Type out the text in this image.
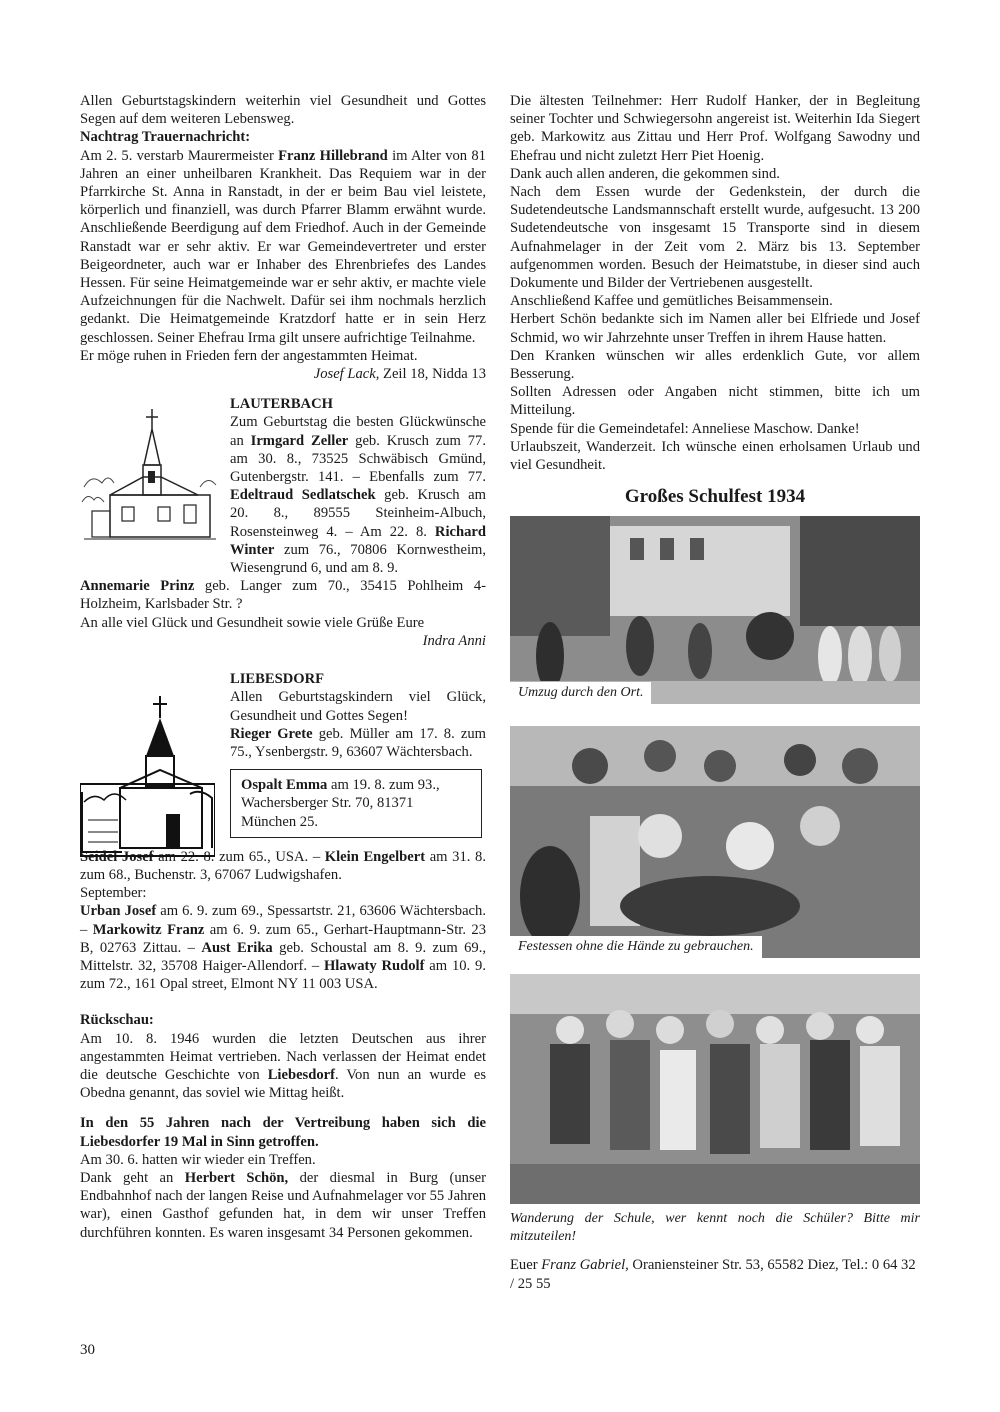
Allen Geburtstagskindern weiterhin viel Gesundheit und Gottes Segen auf dem weiteren Lebensweg.

Nachtrag Trauernachricht:

Am 2. 5. verstarb Maurermeister Franz Hillebrand im Alter von 81 Jahren an einer unheilbaren Krankheit. Das Requiem war in der Pfarrkirche St. Anna in Ranstadt, in der er beim Bau viel leistete, körperlich und finanziell, was durch Pfarrer Blamm erwähnt wurde. Anschließende Beerdigung auf dem Friedhof. Auch in der Gemeinde Ranstadt war er sehr aktiv. Er war Gemeindevertreter und erster Beigeordneter, auch war er Inhaber des Ehrenbriefes des Landes Hessen. Für seine Heimatgemeinde war er sehr aktiv, er machte viele Aufzeichnungen für die Nachwelt. Dafür sei ihm nochmals herzlich gedankt. Die Heimatgemeinde Kratzdorf hatte er in sein Herz geschlossen. Seiner Ehefrau Irma gilt unsere aufrichtige Teilnahme.

Er möge ruhen in Frieden fern der angestammten Heimat.

Josef Lack, Zeil 18, Nidda 13

LAUTERBACH

Zum Geburtstag die besten Glückwünsche an Irmgard Zeller geb. Krusch zum 77. am 30. 8., 73525 Schwäbisch Gmünd, Gutenbergstr. 141. – Ebenfalls zum 77. Edeltraud Sedlatschek geb. Krusch am 20. 8., 89555 Steinheim-Albuch, Rosensteinweg 4. – Am 22. 8. Richard Winter zum 76., 70806 Kornwestheim, Wiesengrund 6, und am 8. 9.

Annemarie Prinz geb. Langer zum 70., 35415 Pohlheim 4-Holzheim, Karlsbader Str. ?

An alle viel Glück und Gesundheit sowie viele Grüße Eure

Indra Anni

LIEBESDORF

Allen Geburtstagskindern viel Glück, Gesundheit und Gottes Segen!

Rieger Grete geb. Müller am 17. 8. zum 75., Ysenbergstr. 9, 63607 Wächtersbach.

Ospalt Emma am 19. 8. zum 93., Wachersberger Str. 70, 81371 München 25.

Seidel Josef am 22. 8. zum 65., USA. – Klein Engelbert am 31. 8. zum 68., Buchenstr. 3, 67067 Ludwigshafen.

September:

Urban Josef am 6. 9. zum 69., Spessartstr. 21, 63606 Wächtersbach. – Markowitz Franz am 6. 9. zum 65., Gerhart-Hauptmann-Str. 23 B, 02763 Zittau. – Aust Erika geb. Schoustal am 8. 9. zum 69., Mittelstr. 32, 35708 Haiger-Allendorf. – Hlawaty Rudolf am 10. 9. zum 72., 161 Opal street, Elmont NY 11 003 USA.

Rückschau:

Am 10. 8. 1946 wurden die letzten Deutschen aus ihrer angestammten Heimat vertrieben. Nach verlassen der Heimat endet die deutsche Geschichte von Liebesdorf. Von nun an wurde es Obedna genannt, das soviel wie Mittag heißt.

In den 55 Jahren nach der Vertreibung haben sich die Liebesdorfer 19 Mal in Sinn getroffen.

Am 30. 6. hatten wir wieder ein Treffen.

Dank geht an Herbert Schön, der diesmal in Burg (unser Endbahnhof nach der langen Reise und Aufnahmelager vor 55 Jahren war), einen Gasthof gefunden hat, in dem wir unser Treffen durchführen konnten. Es waren insgesamt 34 Personen gekommen.

Die ältesten Teilnehmer: Herr Rudolf Hanker, der in Begleitung seiner Tochter und Schwiegersohn angereist ist. Weiterhin Ida Siegert geb. Markowitz aus Zittau und Herr Prof. Wolfgang Sawodny und Ehefrau und nicht zuletzt Herr Piet Hoenig.

Dank auch allen anderen, die gekommen sind.

Nach dem Essen wurde der Gedenkstein, der durch die Sudetendeutsche Landsmannschaft erstellt wurde, aufgesucht. 13 200 Sudetendeutsche von insgesamt 15 Transporte sind in diesem Aufnahmelager in der Zeit vom 2. März bis 13. September aufgenommen worden. Besuch der Heimatstube, in dieser sind auch Dokumente und Bilder der Vertriebenen ausgestellt.

Anschließend Kaffee und gemütliches Beisammensein.

Herbert Schön bedankte sich im Namen aller bei Elfriede und Josef Schmid, wo wir Jahrzehnte unser Treffen in ihrem Hause hatten.

Den Kranken wünschen wir alles erdenklich Gute, vor allem Besserung.

Sollten Adressen oder Angaben nicht stimmen, bitte ich um Mitteilung.

Spende für die Gemeindetafel: Anneliese Maschow. Danke!

Urlaubszeit, Wanderzeit. Ich wünsche einen erholsamen Urlaub und viel Gesundheit.

Großes Schulfest 1934
Umzug durch den Ort.
Festessen ohne die Hände zu gebrauchen.

Wanderung der Schule, wer kennt noch die Schüler? Bitte mir mitzuteilen!

Euer Franz Gabriel, Oraniensteiner Str. 53, 65582 Diez, Tel.: 0 64 32 / 25 55

30
